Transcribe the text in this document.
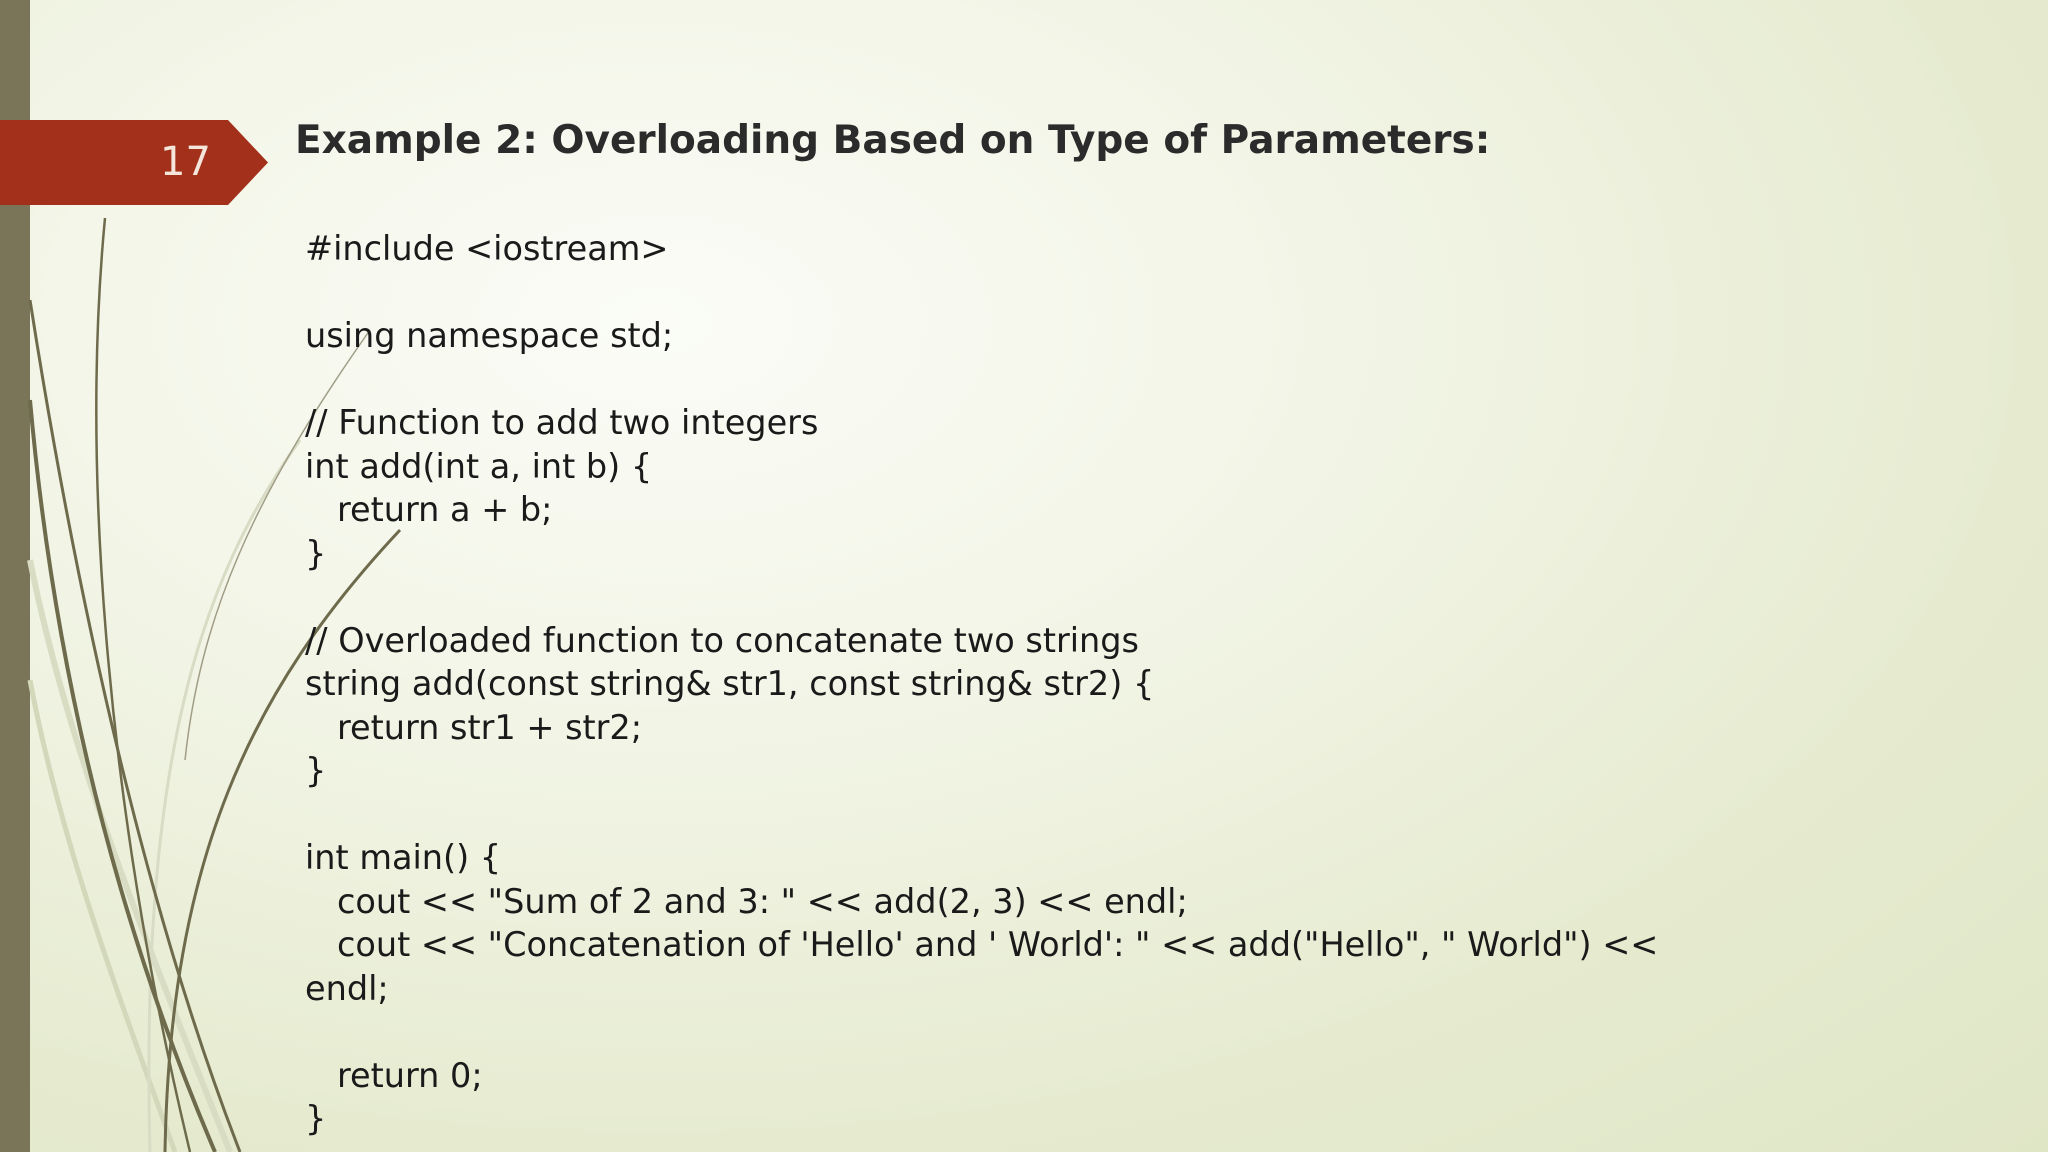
17 Example 2: Overloading Based on Type of Parameters:
#include <iostream>
using namespace std;
// Function to add two integers
int add(int a, int b) {
return a + b;
}
// Overloaded function to concatenate two strings
string add(const string& str1, const string& str2) {
return str1 + str2;
}
int main() {
cout << "Sum of 2 and 3: " << add(2, 3) << endl;
cout << "Concatenation of 'Hello' and ' World': " << add("Hello", " World") <<
endl;
return 0;
}
